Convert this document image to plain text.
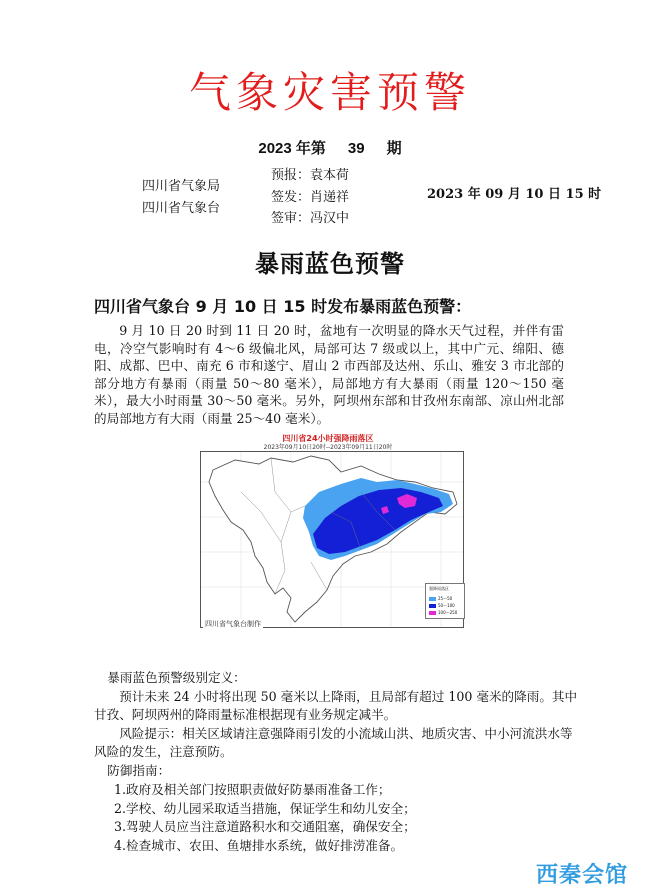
气象灾害预警
2023 年第 39 期
四川省气象局
四川省气象台
预报：袁本荷
签发：肖递祥
签审：冯汉中
2023 年 09 月 10 日 15 时
暴雨蓝色预警
四川省气象台 9 月 10 日 15 时发布暴雨蓝色预警：

9 月 10 日 20 时到 11 日 20 时，盆地有一次明显的降水天气过程，并伴有雷电，冷空气影响时有 4～6 级偏北风，局部可达 7 级或以上，其中广元、绵阳、德阳、成都、巴中、南充 6 市和遂宁、眉山 2 市西部及达州、乐山、雅安 3 市北部的部分地方有暴雨（雨量 50～80 毫米），局部地方有大暴雨（雨量 120～150 毫米），最大小时雨量 30～50 毫米。另外，阿坝州东部和甘孜州东南部、凉山州北部的局部地方有大雨（雨量 25～40 毫米）。

四川省24小时强降雨落区
2023年09月10日20时--2023年09月11日20时
四川省气象台制作
强降雨落区
25～50
50～100
100～250

暴雨蓝色预警级别定义：

预计未来 24 小时将出现 50 毫米以上降雨，且局部有超过 100 毫米的降雨。其中甘孜、阿坝两州的降雨量标准根据现有业务规定减半。

风险提示：相关区域请注意强降雨引发的小流域山洪、地质灾害、中小河流洪水等风险的发生，注意预防。

防御指南：

1.政府及相关部门按照职责做好防暴雨准备工作；
2.学校、幼儿园采取适当措施，保证学生和幼儿安全；
3.驾驶人员应当注意道路积水和交通阻塞，确保安全；
4.检查城市、农田、鱼塘排水系统，做好排涝准备。
西秦会馆
